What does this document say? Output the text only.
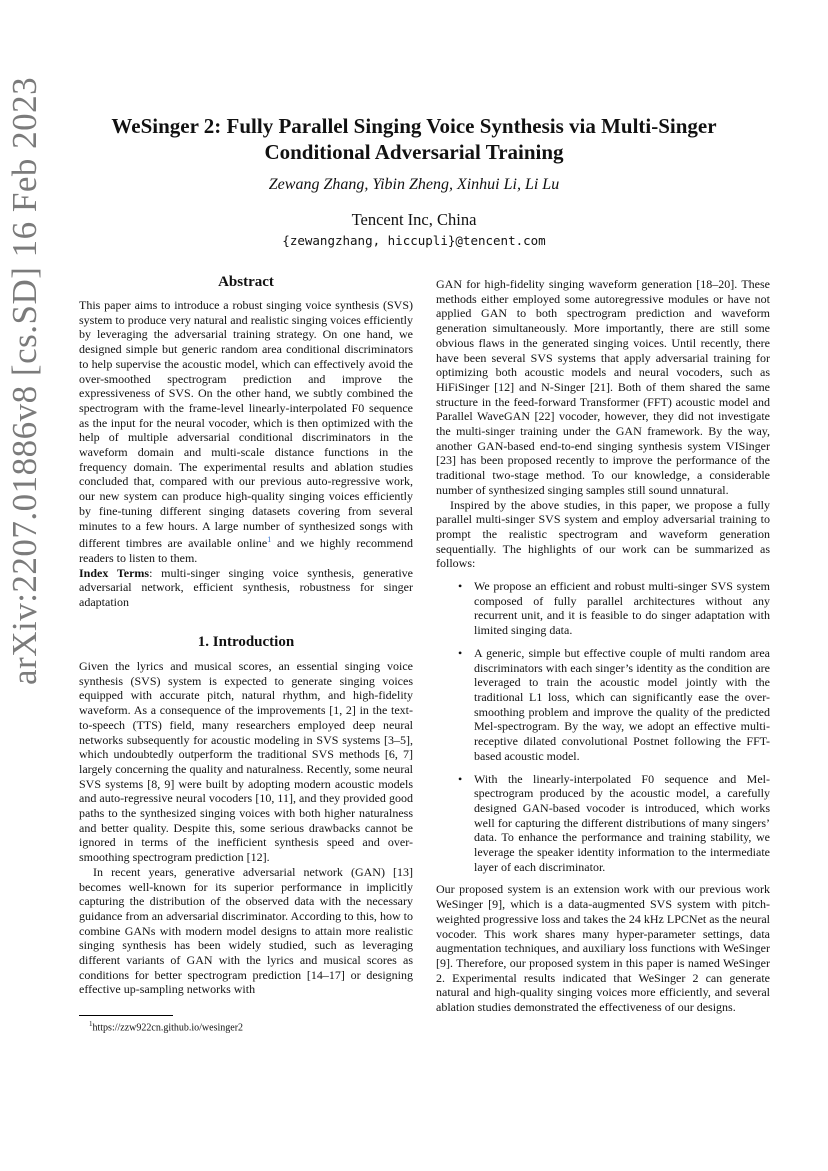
arXiv:2207.01886v8 [cs.SD] 16 Feb 2023	WeSinger 2: Fully Parallel Singing Voice Synthesis via Multi-Singer Conditional Adversarial Training
Zewang Zhang, Yibin Zheng, Xinhui Li, Li Lu
Tencent Inc, China
{zewangzhang, hiccupli}@tencent.com
Abstract

This paper aims to introduce a robust singing voice synthesis (SVS) system to produce very natural and realistic singing voices efficiently by leveraging the adversarial training strategy. On one hand, we designed simple but generic random area conditional discriminators to help supervise the acoustic model, which can effectively avoid the over-smoothed spectrogram prediction and improve the expressiveness of SVS. On the other hand, we subtly combined the spectrogram with the frame-level linearly-interpolated F0 sequence as the input for the neural vocoder, which is then optimized with the help of multiple adversarial conditional discriminators in the waveform domain and multi-scale distance functions in the frequency domain. The experimental results and ablation studies concluded that, compared with our previous auto-regressive work, our new system can produce high-quality singing voices efficiently by fine-tuning different singing datasets covering from several minutes to a few hours. A large number of synthesized songs with different timbres are available online$^1$ and we highly recommend readers to listen to them.

Index Terms: multi-singer singing voice synthesis, generative adversarial network, efficient synthesis, robustness for singer adaptation

1. Introduction

Given the lyrics and musical scores, an essential singing voice synthesis (SVS) system is expected to generate singing voices equipped with accurate pitch, natural rhythm, and high-fidelity waveform. As a consequence of the improvements [1, 2] in the text-to-speech (TTS) field, many researchers employed deep neural networks subsequently for acoustic modeling in SVS systems [3–5], which undoubtedly outperform the traditional SVS methods [6, 7] largely concerning the quality and naturalness. Recently, some neural SVS systems [8, 9] were built by adopting modern acoustic models and auto-regressive neural vocoders [10, 11], and they provided good paths to the synthesized singing voices with both higher naturalness and better quality. Despite this, some serious drawbacks cannot be ignored in terms of the inefficient synthesis speed and over-smoothing spectrogram prediction [12].

In recent years, generative adversarial network (GAN) [13] becomes well-known for its superior performance in implicitly capturing the distribution of the observed data with the necessary guidance from an adversarial discriminator. According to this, how to combine GANs with modern model designs to attain more realistic singing synthesis has been widely studied, such as leveraging different variants of GAN with the lyrics and musical scores as conditions for better spectrogram prediction [14–17] or designing effective up-sampling networks with

GAN for high-fidelity singing waveform generation [18–20]. These methods either employed some autoregressive modules or have not applied GAN to both spectrogram prediction and waveform generation simultaneously. More importantly, there are still some obvious flaws in the generated singing voices. Until recently, there have been several SVS systems that apply adversarial training for optimizing both acoustic models and neural vocoders, such as HiFiSinger [12] and N-Singer [21]. Both of them shared the same structure in the feed-forward Transformer (FFT) acoustic model and Parallel WaveGAN [22] vocoder, however, they did not investigate the multi-singer training under the GAN framework. By the way, another GAN-based end-to-end singing synthesis system VISinger [23] has been proposed recently to improve the performance of the traditional two-stage method. To our knowledge, a considerable number of synthesized singing samples still sound unnatural.

Inspired by the above studies, in this paper, we propose a fully parallel multi-singer SVS system and employ adversarial training to prompt the realistic spectrogram and waveform generation sequentially. The highlights of our work can be summarized as follows:

• We propose an efficient and robust multi-singer SVS system composed of fully parallel architectures without any recurrent unit, and it is feasible to do singer adaptation with limited singing data.
• A generic, simple but effective couple of multi random area discriminators with each singer’s identity as the condition are leveraged to train the acoustic model jointly with the traditional L1 loss, which can significantly ease the over-smoothing problem and improve the quality of the predicted Mel-spectrogram. By the way, we adopt an effective multi-receptive dilated convolutional Postnet following the FFT-based acoustic model.
• With the linearly-interpolated F0 sequence and Mel-spectrogram produced by the acoustic model, a carefully designed GAN-based vocoder is introduced, which works well for capturing the different distributions of many singers’ data. To enhance the performance and training stability, we leverage the speaker identity information to the intermediate layer of each discriminator.

Our proposed system is an extension work with our previous work WeSinger [9], which is a data-augmented SVS system with pitch-weighted progressive loss and takes the 24 kHz LPCNet as the neural vocoder. This work shares many hyper-parameter settings, data augmentation techniques, and auxiliary loss functions with WeSinger [9]. Therefore, our proposed system in this paper is named WeSinger 2. Experimental results indicated that WeSinger 2 can generate natural and high-quality singing voices more efficiently, and several ablation studies demonstrated the effectiveness of our designs.

$^1$https://zzw922cn.github.io/wesinger2
